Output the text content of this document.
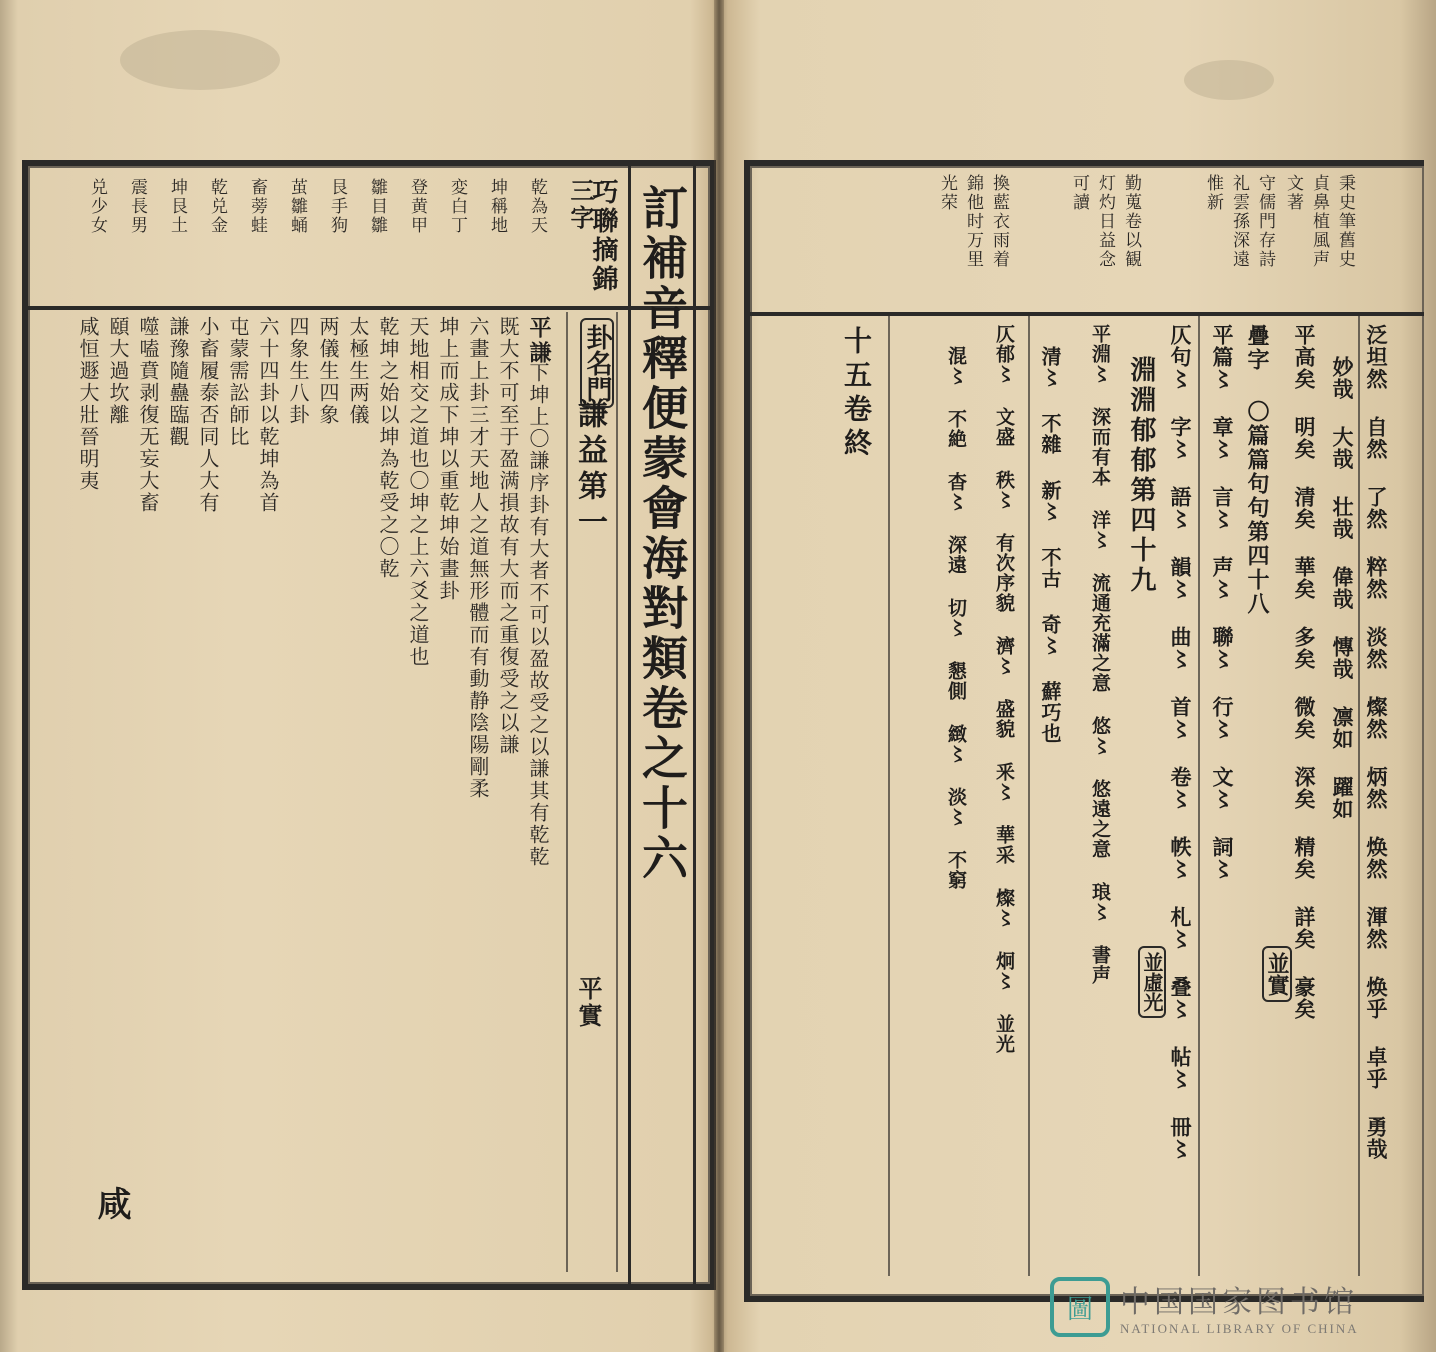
三字
乾為天
坤稱地
変白丁
登黄甲
雛目雛
艮手狗
茧雛蛹
畜蒡蛙
乾兑金
坤艮土
震長男
兑少女	訂補音釋便蒙會海對類卷之十六
巧聯摘錦
卦名門
謙益第一
平謙
平實
下坤上〇謙序卦有大者不可以盈故受之以謙其有乾乾
既大不可至于盈满損故有大而之重復受之以謙
六畫上卦三才天地人之道無形體而有動静陰陽剛柔
坤上而成下坤以重乾坤始畫卦
天地相交之道也〇坤之上六爻之道也
乾坤之始以坤為乾受之〇乾
太極生两儀
两儀生四象
四象生八卦
六十四卦以乾坤為首
屯蒙需訟師比
小畜履泰否同人大有
謙豫隨蠱臨觀
噬嗑賁剥復无妄大畜
頤大過坎離
咸恒遯大壯晉明夷
咸
秉史筆舊史
貞鼻植風声
文著
守儒門存詩
礼雲孫深遠
惟新
勤蒐卷以観
灯灼日益念
可讀
換藍衣雨着
錦他时万里
光荣
泛坦然 自然 了然 粹然 淡然 燦然 炳然 焕然 渾然 焕乎 卓乎 勇哉
妙哉 大哉 壮哉 偉哉 慱哉 凛如 躍如
平高矣 明矣 清矣 華矣 多矣 微矣 深矣 精矣 詳矣 豪矣
並實
疊字 〇篇篇句句第四十八
平篇〻 章〻 言〻 声〻 聯〻 行〻 文〻 詞〻
仄句〻 字〻 語〻 韻〻 曲〻 首〻 卷〻 帙〻 札〻 叠〻 帖〻 冊〻
淵淵郁郁第四十九
平淵〻 深而有本 洋〻 流通充滿之意 悠〻 悠遠之意 琅〻 書声 並虛光
清〻 不雜 新〻 不古 奇〻 蘚巧也
仄郁〻 文盛 秩〻 有次序貌 濟〻 盛貌 釆〻 華采 燦〻 炯〻 並光
混〻 不絶 杳〻 深遠 切〻 懇側 緻〻 淡〻 不窮
十五卷終
圖 中国国家图书馆
NATIONAL LIBRARY OF CHINA
